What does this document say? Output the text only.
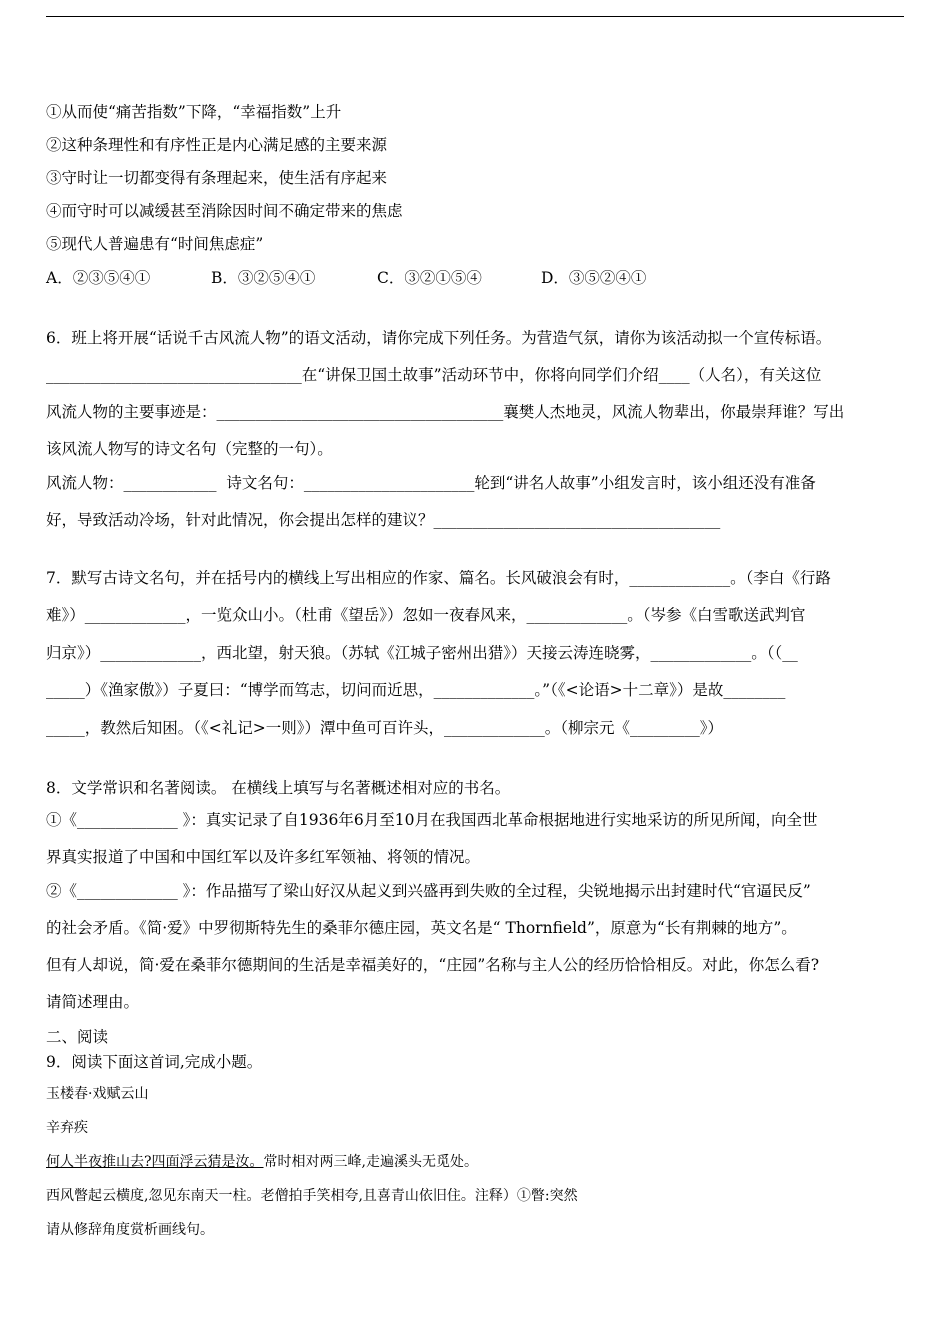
①从而使“痛苦指数”下降，“幸福指数”上升
②这种条理性和有序性正是内心满足感的主要来源
③守时让一切都变得有条理起来，使生活有序起来
④而守时可以减缓甚至消除因时间不确定带来的焦虑
⑤现代人普遍患有“时间焦虑症”
A．②③⑤④①	B．③②⑤④①	C．③②①⑤④	D．③⑤②④①
6．班上将开展“话说千古风流人物”的语文活动，请你完成下列任务。为营造气氛，请你为该活动拟一个宣传标语。
_________________________________在“讲保卫国土故事”活动环节中，你将向同学们介绍____（人名），有关这位
风流人物的主要事迹是：_____________________________________襄樊人杰地灵，风流人物辈出，你最崇拜谁？写出
该风流人物写的诗文名句（完整的一句）。
风流人物：____________  诗文名句：______________________轮到“讲名人故事”小组发言时，该小组还没有准备
好，导致活动冷场，针对此情况，你会提出怎样的建议？_____________________________________
7．默写古诗文名句，并在括号内的横线上写出相应的作家、篇名。长风破浪会有时，_____________。（李白《行路
难》）_____________，一览众山小。（杜甫《望岳》）忽如一夜春风来，_____________。（岑参《白雪歌送武判官
归京》）_____________，西北望，射天狼。（苏轼《江城子密州出猎》）天接云涛连晓雾，_____________。（（__
_____）《渔家傲》）子夏曰：“博学而笃志，切问而近思，_____________。”（《<论语>十二章》）是故________
_____，教然后知困。（《<礼记>一则》）潭中鱼可百许头，_____________。（柳宗元《_________》）
8．文学常识和名著阅读。 在横线上填写与名著概述相对应的书名。
①《_____________ 》：真实记录了自1936年6月至10月在我国西北革命根据地进行实地采访的所见所闻，向全世
界真实报道了中国和中国红军以及许多红军领袖、将领的情况。
②《_____________ 》：作品描写了梁山好汉从起义到兴盛再到失败的全过程，尖锐地揭示出封建时代“官逼民反”
的社会矛盾。《简·爱》中罗彻斯特先生的桑菲尔德庄园，英文名是“ Thornfield”，原意为“长有荆棘的地方”。
但有人却说，简·爱在桑菲尔德期间的生活是幸福美好的，“庄园”名称与主人公的经历恰恰相反。对此，你怎么看?
请简述理由。
二、阅读
9．阅读下面这首词,完成小题。
玉楼春·戏赋云山
辛弃疾
何人半夜推山去?四面浮云猜是汝。常时相对两三峰,走遍溪头无觅处。
西风瞥起云横度,忽见东南天一柱。老僧拍手笑相夸,且喜青山依旧住。注释）①瞥:突然
请从修辞角度赏析画线句。
